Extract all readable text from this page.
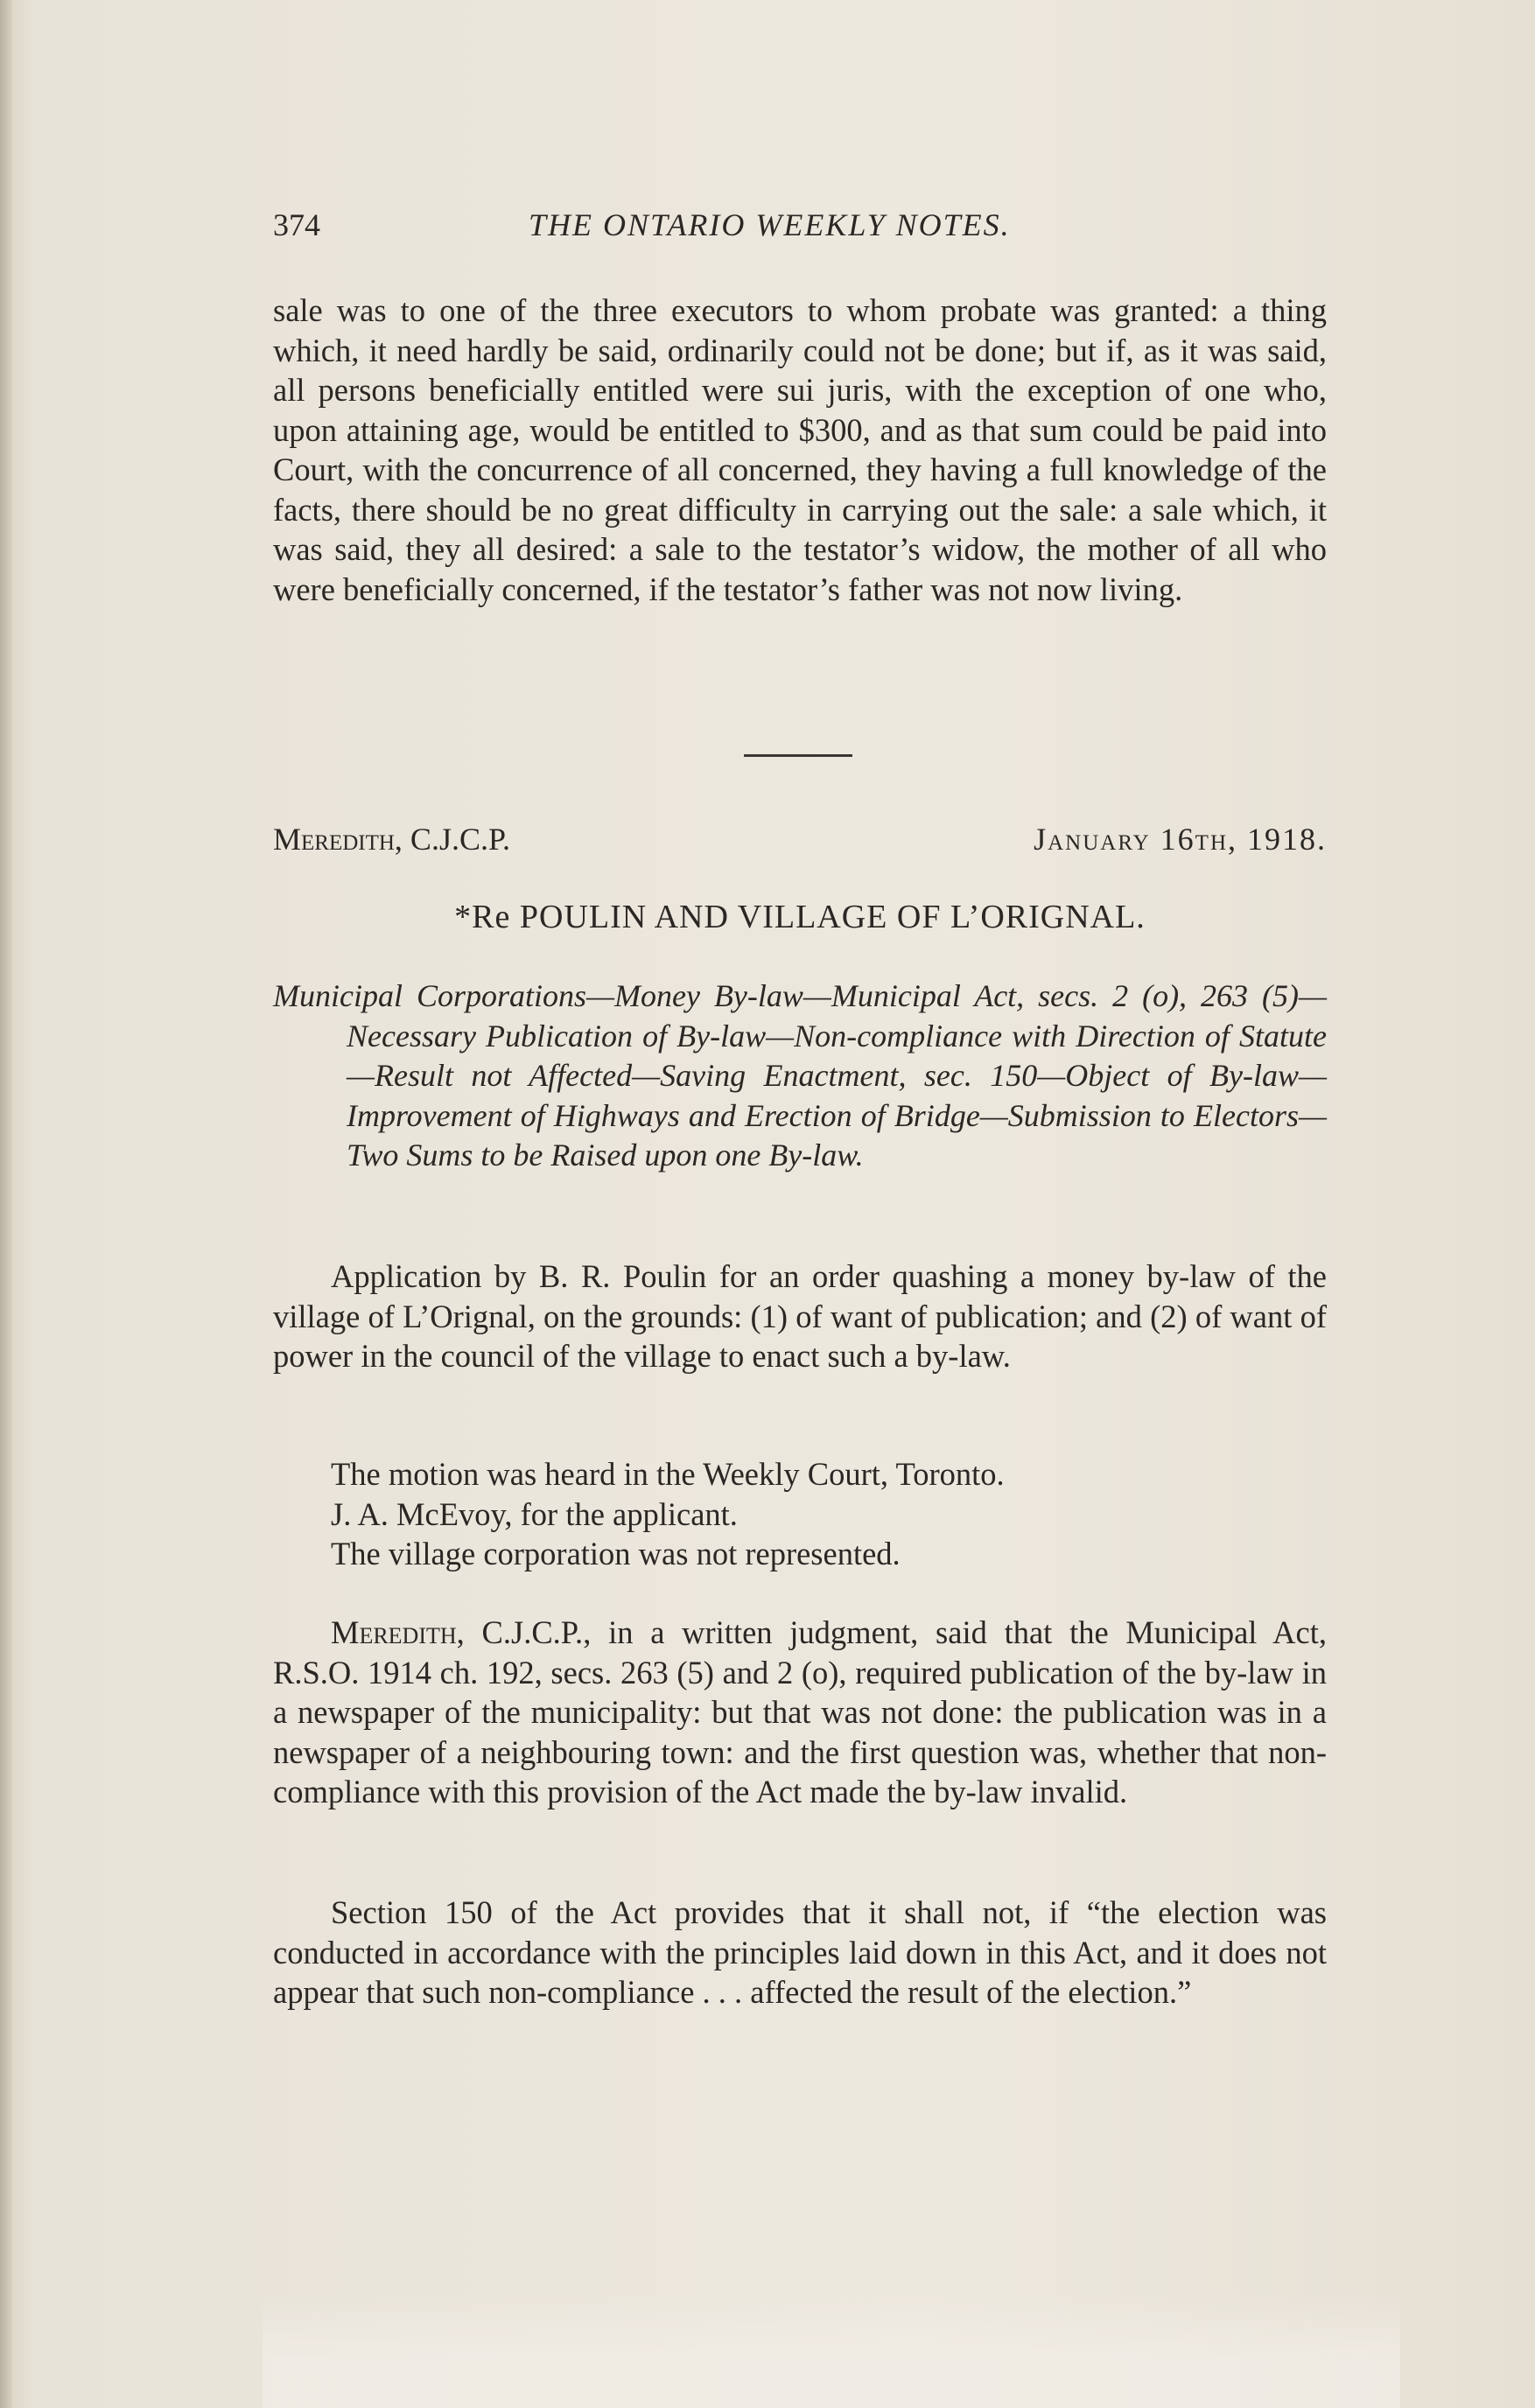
374	THE ONTARIO WEEKLY NOTES.
sale was to one of the three executors to whom probate was granted: a thing which, it need hardly be said, ordinarily could not be done; but if, as it was said, all persons beneficially entitled were sui juris, with the exception of one who, upon attaining age, would be entitled to $300, and as that sum could be paid into Court, with the concurrence of all concerned, they having a full knowledge of the facts, there should be no great difficulty in carrying out the sale: a sale which, it was said, they all desired: a sale to the testator’s widow, the mother of all who were beneficially concerned, if the testator’s father was not now living.
Meredith, C.J.C.P.	January 16th, 1918.
*Re POULIN AND VILLAGE OF L’ORIGNAL.
Municipal Corporations—Money By-law—Municipal Act, secs. 2 (o), 263 (5)—Necessary Publication of By-law—Non-compliance with Direction of Statute—Result not Affected—Saving Enactment, sec. 150—Object of By-law—Improvement of Highways and Erection of Bridge—Submission to Electors—Two Sums to be Raised upon one By-law.
Application by B. R. Poulin for an order quashing a money by-law of the village of L’Orignal, on the grounds: (1) of want of publication; and (2) of want of power in the council of the village to enact such a by-law.
The motion was heard in the Weekly Court, Toronto.
J. A. McEvoy, for the applicant.
The village corporation was not represented.
Meredith, C.J.C.P., in a written judgment, said that the Municipal Act, R.S.O. 1914 ch. 192, secs. 263 (5) and 2 (o), required publication of the by-law in a newspaper of the municipality: but that was not done: the publication was in a newspaper of a neighbouring town: and the first question was, whether that non-compliance with this provision of the Act made the by-law invalid.
Section 150 of the Act provides that it shall not, if “the election was conducted in accordance with the principles laid down in this Act, and it does not appear that such non-compliance . . . affected the result of the election.”
